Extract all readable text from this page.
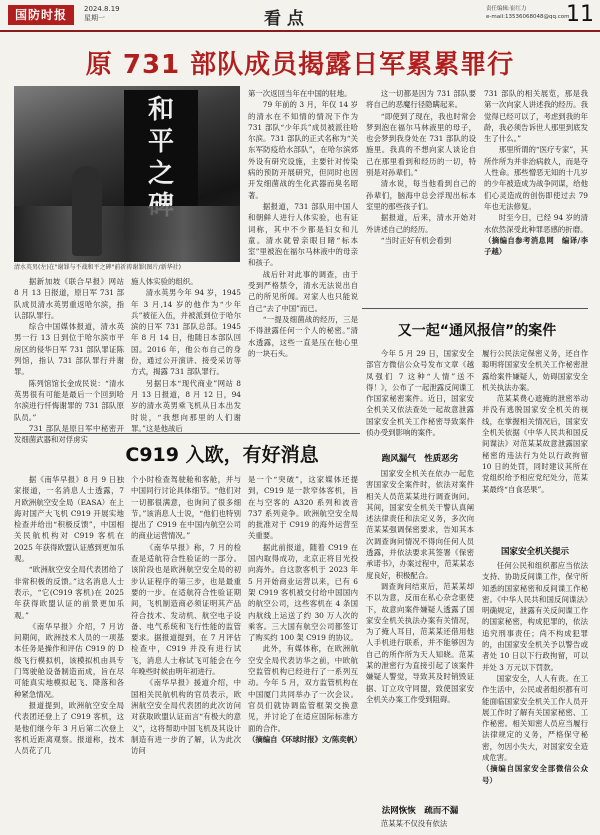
国防时报	2024.8.19
星期一	看 点	责任编辑:崔红力
e-mail:13536068048@qq.com
11
原 731 部队成员揭露日军累累罪行
和平之
清水英男(左)在"谢罪与不战和平之碑"前祈祷谢罪(图片/新华社)

据新加坡《联合早报》网站 8 月 13 日报道，原日军 731 部队成员清水英男重返哈尔滨，指认部队罪行。

综合中国媒体报道，清水英男一行 13 日到位于哈尔滨市平房区的侵华日军 731 部队罪证陈列馆，指认 731 部队罪行并谢罪。

陈列馆馆长金成民说：“清水英男很有可能是最后一个回到哈尔滨进行忏悔谢罪的 731 部队原队员。”

731 部队是原日军中秘密开发细菌武器和对俘虏实

施人体实验的组织。

清水英男今年 94 岁，1945 年 3 月,14 岁的他作为“少年兵”被征入伍，并被派到位于哈尔滨的日军 731 部队总部。1945 年 8 月 14 日，他随日本部队回国。2016 年，他公布自己的身份，通过公开演讲、接受采访等方式，揭露 731 部队罪行。

另据日本“现代商业”网站 8 月 13 日报道，8 月 12 日，94 岁的清水英男乘飞机从日本出发时说，“我想向那里的人们谢罪。”这是他战后

第一次返回当年在中国的驻地。

79 年前的 3 月，年仅 14 岁的清水在不知情的情况下作为 731 部队“少年兵”成员被派往哈尔滨。731 部队的正式名称为“关东军防疫给水部队”，在哈尔滨郊外设有研究设施，主要针对传染病的预防开展研究，但同时也因开发细菌战的生化武器而臭名昭著。

据报道，731 部队用中国人和朝鲜人进行人体实验，也有证词称，其中不少都是妇女和儿童。清水就曾亲眼目睹“标本室”里被泡在福尔马林液中的母亲和孩子。

战后针对此事的调查，由于受到严格禁令，清水无法说出自己的所见所闻。对家人也只能说自己“去了中国”而已。

“一提及细菌战的经历，三是不得泄露任何一个人的秘密。”清水透露，这些一直是压在他心里的一块石头。

这一切都是因为 731 部队要将自己的恶魔行径隐瞒起来。

“即使到了现在，我也时常会梦到泡在福尔马林液里的母子，也会梦到我身处在 731 部队的设施里。我真的不想向家人谈论自己在那里看到和经历的一切，特别是对孙辈们。”

清水说，每当他看到自己的孙辈们，脑海中总会浮现出标本室里的那些孩子们。

据报道，后来，清水开始对外讲述自己的经历。

“当时正好有机会看到

731 部队的相关展览，那是我第一次向家人讲述我的经历。我觉得已经可以了，考虑到我的年龄，我必须告诉世人那里到底发生了什么。”

那里所谓的“医疗专家”，其所作所为并非治病救人，而是夺人性命。那些憎恶无知的十几岁的少年被造成为战争同谋，给他们心灵造成的创伤即使过去 79 年也无法修复。

时至今日，已经 94 岁的清水依然深受此种罪恶感的折磨。

（摘编自参考消息网　编译/李子越）

C919 入欧，有好消息

据《南华早报》8 月 9 日独家报道，一名消息人士透露，7 月欧洲航空安全局（EASA）在上海对国产大飞机 C919 开展实地检查并给出“积极反馈”，中国相关民航机构对 C919 客机在 2025 年获得欧盟认证感到更加乐观。

“欧洲航空安全局代表团给了非常积极的反馈。”这名消息人士表示，“它(C919 客机)在 2025 年获得欧盟认证的前景更加乐观。”

《南华早报》介绍，7 月访问期间，欧洲技术人员的一项基本任务是操作和评估 C919 的 D 级飞行模拟机，该模拟机由具专门驾驶舱设备制造而成，旨在尽可能真实地模拟起飞、降落和各种紧急情况。

报道提到，欧洲航空安全局代表团还登上了 C919 客机，这是他们继今年 3 月后第二次登上客机近距离观察。报道称，技术人员花了几

个小时检查驾驶舱和客舱，并与中国同行讨论具体细节。“他们对一切都很满意，也询问了很多细节。”该消息人士说，“他们也特别提出了 C919 在中国内航空公司的商业运营情况。”

《南华早报》称，7 月的检查是适航符合性验证的一部分。该阶段也是欧洲航空安全局的初步认证程序的第三步，也是最重要的一步。在适航符合性验证期间，飞机制造商必须证明其产品符合技术、发动机、航空电子设备、电气系统和飞行性能的监管要求。据报道提到，在 7 月评估检查中，C919 并没有进行试飞，消息人士称试飞可能会在今年晚些时候由明年初进行。

《南华早报》援道介绍，中国相关民航机构的官员表示，欧洲航空安全局代表团的此次访问对获取欧盟认证而言“有极大的意义”，这将帮助中国飞机及其设计制造有进一步的了解，认为此次访问

是一个“突破”，这家媒体还提到，C919 是一款窄体客机，旨在与空客的 A320 系列和波音 737 系列竞争。欧洲航空安全局的批准对于 C919 的海外运营至关重要。

据此前报道，随着 C919 在国内取得成功，北京正将目光投向海外。自这款客机于 2023 年 5 月开始商业运营以来，已有 6 架 C919 客机被交付给中国国内的航空公司，这些客机在 4 条国内航线上运送了约 30 万人次的乘客。三大国有航空公司都签订了购买约 100 架 C919 的协议。

此外，有媒体称，在欧洲航空安全局代表访华之前，中欧航空监管机构已经进行了一系列互动。今年 5 月，双方监管机构在中国厦门共同举办了一次会议。官员们就协调监管框架交换意见，并讨论了在适应国际标准方面的合作。

（摘编自《环球时报》文/陈奕帆）

又一起“通风报信”的案件

今年 5 月 29 日，国家安全部官方微信公众号发布文章《越凤强们 7 这种“人情”送不得！》，公布了一起泄露反间谍工作国家秘密案件。近日，国家安全机关又依法查处一起故意泄露国家安全机关工作秘密导致案件侦办受到影响的案件。

跑风漏气　性质恶劣

国家安全机关在依办一起危害国家安全案件时，依法对案件相关人员范某某进行调查询问。其间，国家安全机关干警认真阐述法律责任和法定义务，多次向范某某强调保密要求，告知其本次调查询问情况不得向任何人员透露，并依法要求其签署《保密承诺书》，办案过程中，范某某态度良好，积极配合。

调查询问结束后，范某某却不以为意，反而在私心杂念驱使下，故意向案件嫌疑人透露了国家安全机关执法办案有关情况，为了掩人耳目，范某某还借用他人手机进行联系，并不能够因为自己的所作所为天人知晓。范某某的泄密行为直接引起了该案件嫌疑人警觉，导致其及时销毁证据、订立攻守同盟，致使国家安全机关办案工作受到阻碍。

法网恢恢　疏而不漏

范某某不仅没有依法

履行公民法定保密义务，还自作聪明将国家安全机关工作秘密泄露给案件嫌疑人，妨碍国家安全机关执法办案。

范某某费心遮掩的泄密举动并没有逃脱国家安全机关的视线，在掌握相关情况后，国家安全机关依据《中华人民共和国反间谍法》对范某某故意泄露国家秘密的违法行为处以行政拘留 10 日的处罚，同时建议其所在党组织给予相应党纪处分，范某某最终“自食恶果”。

国家安全机关提示

任何公民和组织都应当依法支持、协助反间谍工作，保守所知悉的国家秘密和反间谍工作秘密。《中华人民共和国反间谍法》明确规定，泄露有关反间谍工作的国家秘密，构成犯罪的，依法追究刑事责任；尚不构成犯罪的，由国家安全机关予以警告或者处 10 日以下行政拘留，可以并处 3 万元以下罚款。

国家安全，人人有责。在工作生活中，公民或者组织都有可能面临国家安全机关工作人员开展工作时了解有关国家秘密、工作秘密。相关知密人员应当履行法律规定的义务，严格保守秘密，勿因小失大，对国家安全造成危害。

（摘编自国家安全部微信公众号）
